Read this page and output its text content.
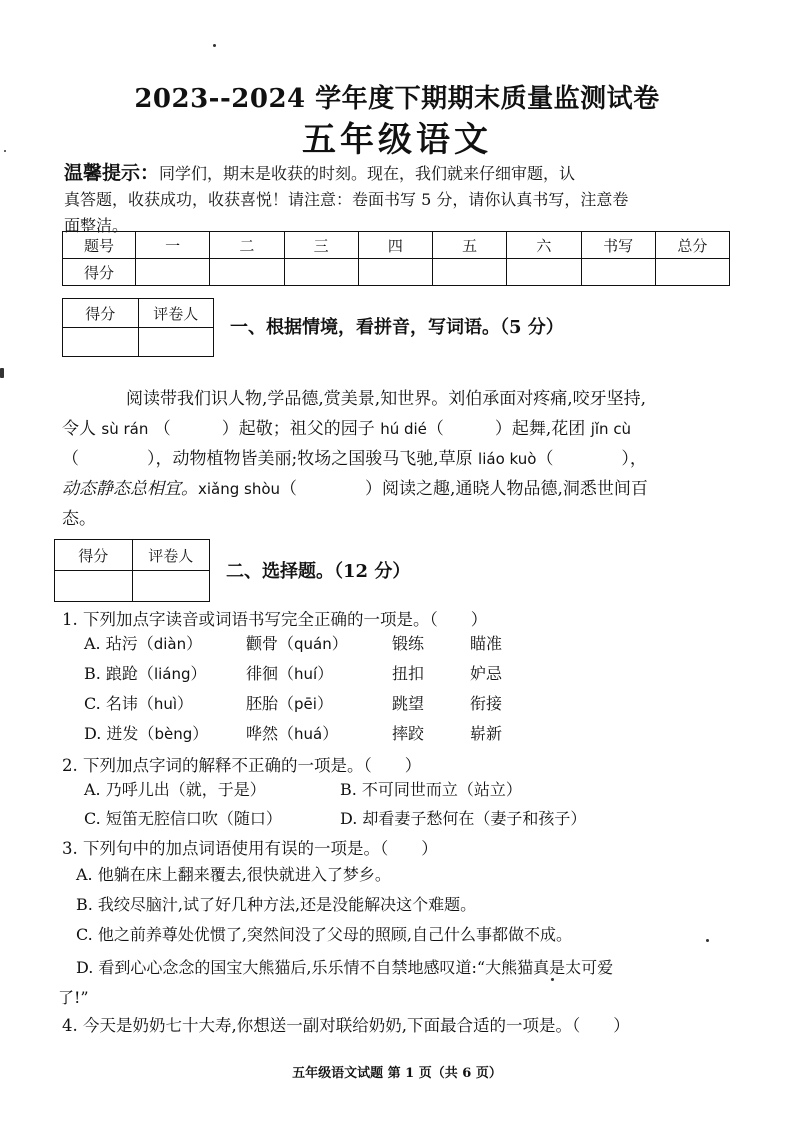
2023--2024 学年度下期期末质量监测试卷
五年级语文
温馨提示：同学们，期末是收获的时刻。现在，我们就来仔细审题，认
真答题，收获成功，收获喜悦！请注意：卷面书写 5 分，请你认真书写，注意卷
面整洁。
题号	一	二	三	四	五	六	书写	总分
得分								
得分	评卷人

一、根据情境，看拼音，写词语。（5 分）

阅读带我们识人物,学品德,赏美景,知世界。刘伯承面对疼痛,咬牙坚持,

令人 sù rán （　　　）起敬；祖父的园子 hú dié（　　　）起舞,花团 jǐn cù

（　　　　），动物植物皆美丽;牧场之国骏马飞驰,草原 liáo kuò（　　　　），

动态静态总相宜。xiǎng shòu（　　　　）阅读之趣,通晓人物品德,洞悉世间百

态。

得分	评卷人

二、选择题。（12 分）
1. 下列加点字读音或词语书写完全正确的一项是。（　　）
A. 玷污（diàn）	颧骨（quán）	锻练	瞄准
B. 踉跄（liáng） 徘徊（huí）	扭扣	妒忌
C. 名讳（huì）	胚胎（pēi）	跳望	衔接
D. 迸发（bèng） 哗然（huá）	摔跤	崭新
2. 下列加点字词的解释不正确的一项是。（　　）
A. 乃呼儿出（就，于是）	B. 不可同世而立（站立）
C. 短笛无腔信口吹（随口）	D. 却看妻子愁何在（妻子和孩子）
3. 下列句中的加点词语使用有误的一项是。（　　）
A. 他躺在床上翻来覆去,很快就进入了梦乡。
B. 我绞尽脑汁,试了好几种方法,还是没能解决这个难题。
C. 他之前养尊处优惯了,突然间没了父母的照顾,自己什么事都做不成。
D. 看到心心念念的国宝大熊猫后,乐乐情不自禁地感叹道:“大熊猫真是太可爱
了!”
4. 今天是奶奶七十大寿,你想送一副对联给奶奶,下面最合适的一项是。（　　）
五年级语文试题 第 1 页（共 6 页）
